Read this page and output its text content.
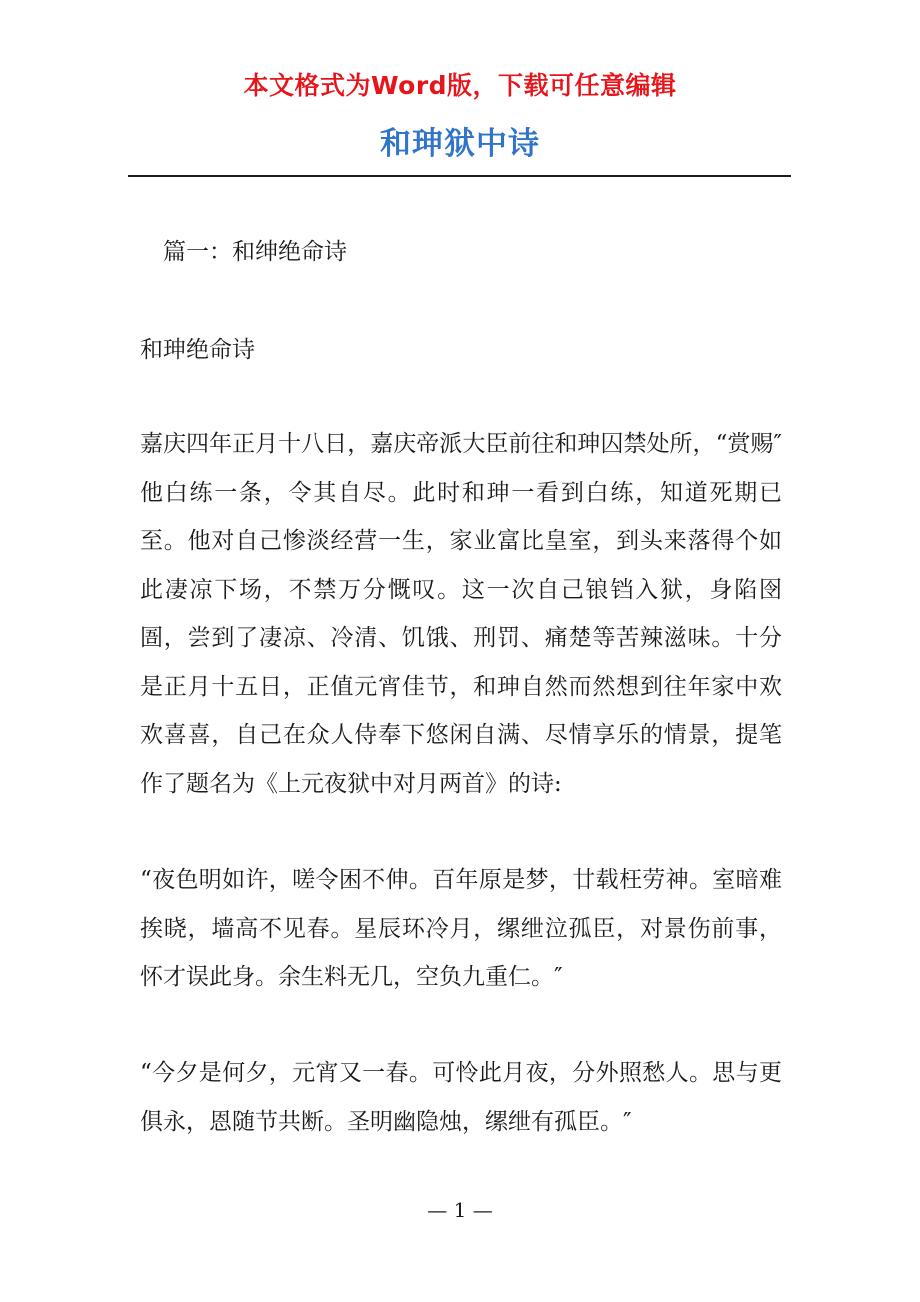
本文格式为Word版，下载可任意编辑
和珅狱中诗
篇一：和绅绝命诗
和珅绝命诗
嘉庆四年正月十八日，嘉庆帝派大臣前往和珅囚禁处所，“赏赐″他白练一条，令其自尽。此时和珅一看到白练，知道死期已至。他对自己惨淡经营一生，家业富比皇室，到头来落得个如此凄凉下场，不禁万分慨叹。这一次自己锒铛入狱，身陷囹圄，尝到了凄凉、冷清、饥饿、刑罚、痛楚等苦辣滋味。十分是正月十五日，正值元宵佳节，和珅自然而然想到往年家中欢欢喜喜，自己在众人侍奉下悠闲自满、尽情享乐的情景，提笔作了题名为《上元夜狱中对月两首》的诗:
“夜色明如许，嗟令困不伸。百年原是梦，廿载枉劳神。室暗难挨晓，墙高不见春。星辰环冷月，缧绁泣孤臣，对景伤前事，怀才误此身。余生料无几，空负九重仁。″
“今夕是何夕，元宵又一春。可怜此月夜，分外照愁人。思与更俱永，恩随节共断。圣明幽隐烛，缧绁有孤臣。″
— 1 —
